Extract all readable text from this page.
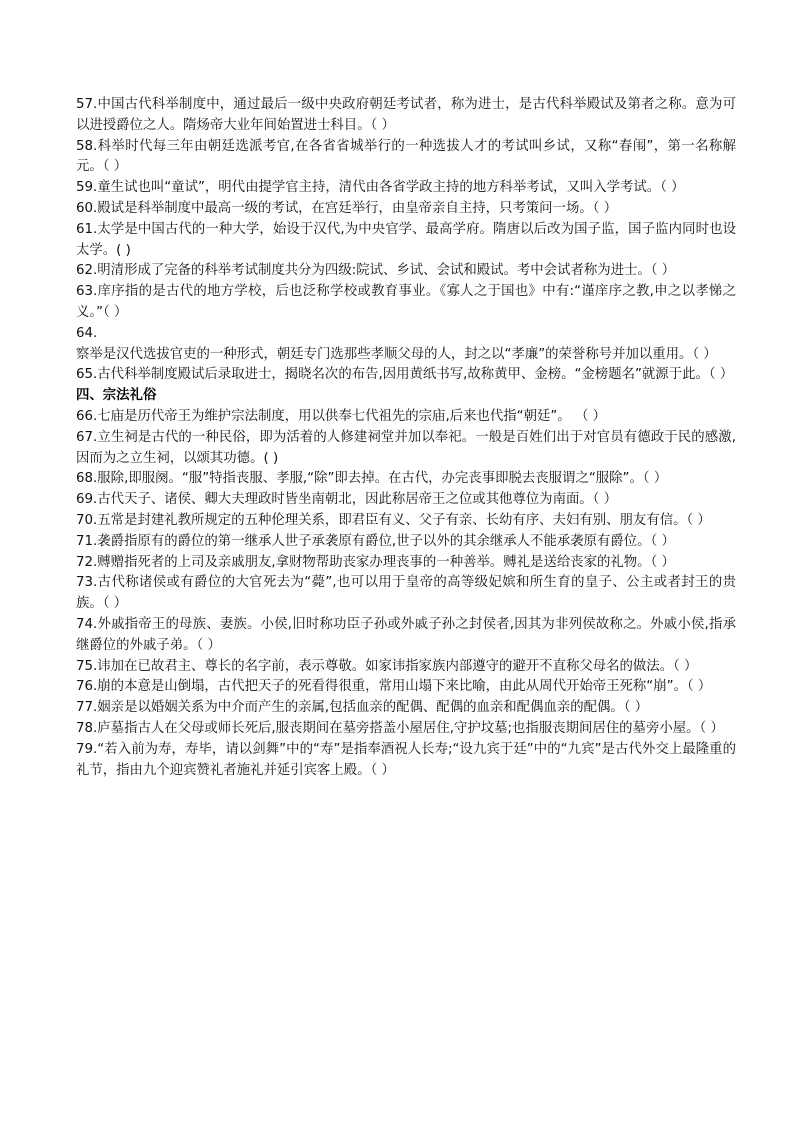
57.中国古代科举制度中，通过最后一级中央政府朝廷考试者，称为进士，是古代科举殿试及第者之称。意为可以进授爵位之人。隋炀帝大业年间始置进士科目。（ ）

58.科举时代每三年由朝廷选派考官,在各省省城举行的一种选拔人才的考试叫乡试，又称“春闱”，第一名称解元。（ ）

59.童生试也叫“童试”，明代由提学官主持，清代由各省学政主持的地方科举考试，又叫入学考试。（ ）

60.殿试是科举制度中最高一级的考试，在宫廷举行，由皇帝亲自主持，只考策问一场。（ ）

61.太学是中国古代的一种大学，始设于汉代,为中央官学、最高学府。隋唐以后改为国子监，国子监内同时也设太学。( )

62.明清形成了完备的科举考试制度共分为四级:院试、乡试、会试和殿试。考中会试者称为进士。（ ）

63.庠序指的是古代的地方学校，后也泛称学校或教育事业。《寡人之于国也》中有:“谨庠序之教,申之以孝悌之义。”（ ）

64.察举是汉代选拔官吏的一种形式，朝廷专门选那些孝顺父母的人，封之以“孝廉”的荣誉称号并加以重用。（ ）

65.古代科举制度殿试后录取进士，揭晓名次的布告,因用黄纸书写,故称黄甲、金榜。“金榜题名”就源于此。（ ）

四、宗法礼俗

66.七庙是历代帝王为维护宗法制度，用以供奉七代祖先的宗庙,后来也代指“朝廷”。 （ ）

67.立生祠是古代的一种民俗，即为活着的人修建祠堂并加以奉祀。一般是百姓们出于对官员有德政于民的感激,因而为之立生祠，以颂其功德。( )

68.服除,即服阕。“服”特指丧服、孝服,“除”即去掉。在古代，办完丧事即脱去丧服谓之“服除”。（ ）

69.古代天子、诸侯、卿大夫理政时皆坐南朝北，因此称居帝王之位或其他尊位为南面。（ ）

70.五常是封建礼教所规定的五种伦理关系，即君臣有义、父子有亲、长幼有序、夫妇有别、朋友有信。（ ）

71.袭爵指原有的爵位的第一继承人世子承袭原有爵位,世子以外的其余继承人不能承袭原有爵位。（ ）

72.赙赠指死者的上司及亲戚朋友,拿财物帮助丧家办理丧事的一种善举。赙礼是送给丧家的礼物。（ ）

73.古代称诸侯或有爵位的大官死去为“薨”,也可以用于皇帝的高等级妃嫔和所生育的皇子、公主或者封王的贵族。（ ）

74.外戚指帝王的母族、妻族。小侯,旧时称功臣子孙或外戚子孙之封侯者,因其为非列侯故称之。外戚小侯,指承继爵位的外戚子弟。（ ）

75.讳加在已故君主、尊长的名字前，表示尊敬。如家讳指家族内部遵守的避开不直称父母名的做法。（ ）

76.崩的本意是山倒塌，古代把天子的死看得很重，常用山塌下来比喻，由此从周代开始帝王死称“崩”。（ ）

77.姻亲是以婚姻关系为中介而产生的亲属,包括血亲的配偶、配偶的血亲和配偶血亲的配偶。（ ）

78.庐墓指古人在父母或师长死后,服丧期间在墓旁搭盖小屋居住,守护坟墓;也指服丧期间居住的墓旁小屋。（ ）

79.“若入前为寿，寿毕，请以剑舞”中的“寿”是指奉酒祝人长寿;“设九宾于廷”中的“九宾”是古代外交上最隆重的礼节，指由九个迎宾赞礼者施礼并延引宾客上殿。（ ）
